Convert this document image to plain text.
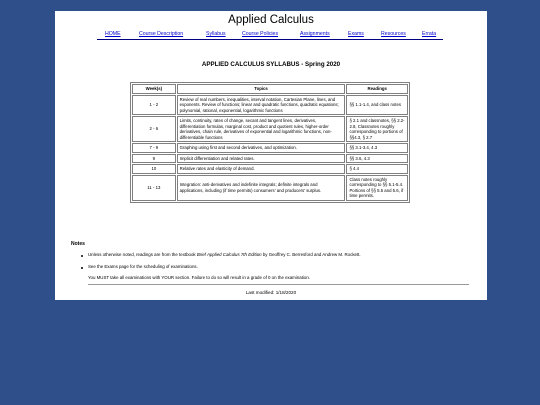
Applied Calculus
HOME	Course Description	Syllabus	Course Policies	Assignments	Exams	Resources	Errata
APPLIED CALCULUS SYLLABUS - Spring 2020
Week(s)	Topics	Readings
1 - 2	Review of real numbers, inequalities, interval notation, Cartesian Plane, lines, and exponents. Review of functions; linear and quadratic functions, quadratic equations; polynomial, rational, exponential, logarithmic functions	§§ 1.1-1.4, and class notes
2 - 6	Limits, continuity, rates of change, secant and tangent lines, derivatives, differentiation formulas, marginal cost, product and quotient rules, higher-order derivatives, chain rule, derivatives of exponential and logarithmic functions, non-differentiable functions	§ 2.1 and classnotes, §§ 2.2-2.8, Classnotes roughly corresponding to portions of §§4.3, § 2.7
7 - 9	Graphing using first and second derivatives, and optimization.	§§ 3.1-3.4, 4.3
9	Implicit differentiation and related rates.	§§ 3.6, 4.3
10	Relative rates and elasticity of demand.	§ 4.4
11 - 13	Integration: anti-derivatives and indefinite integrals; definite integrals and applications, including (if time permits) consumers' and producers' surplus.	Class notes roughly corresponding to §§ 5.1-5.4. Portions of §§ 5.5 and 5.6, if time permits.
Notes
Unless otherwise noted, readings are from the textbook Brief Applied Calculus 7th Edition by Geoffrey C. Berresford and Andrew M. Rockett.
See the Exams page for the scheduling of examinations.
You MUST take all examinations with YOUR section. Failure to do so will result in a grade of 0 on the examination.
Last modified: 1/18/2020
